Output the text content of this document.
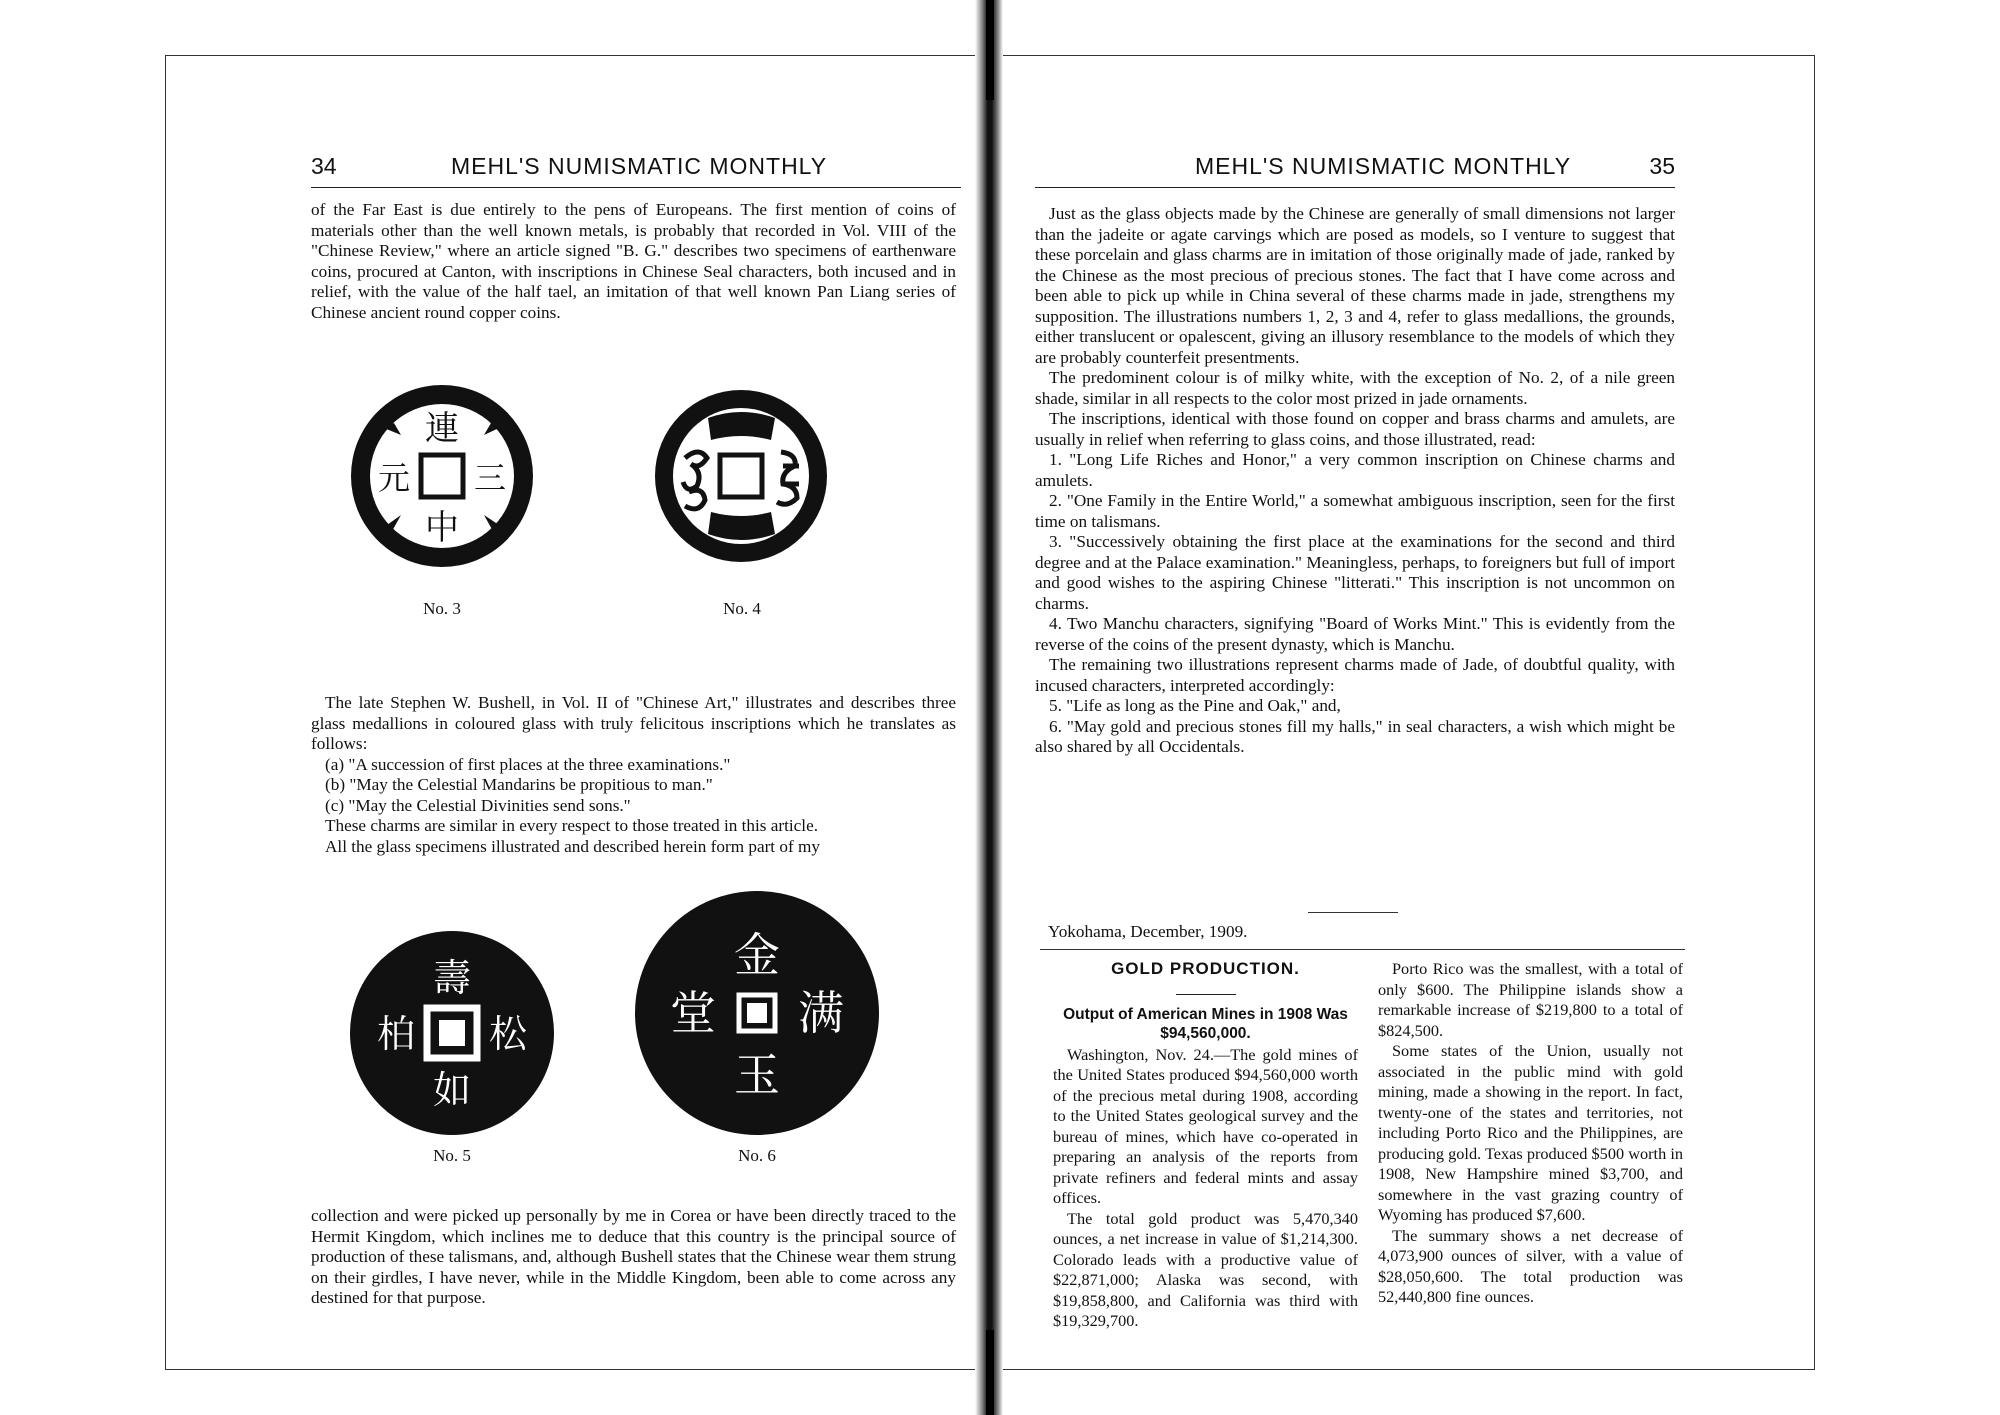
34	MEHL'S NUMISMATIC MONTHLY

of the Far East is due entirely to the pens of Europeans. The first mention of coins of materials other than the well known metals, is probably that recorded in Vol. VIII of the "Chinese Review," where an article signed "B. G." describes two specimens of earthenware coins, procured at Canton, with inscriptions in Chinese Seal characters, both incused and in relief, with the value of the half tael, an imitation of that well known Pan Liang series of Chinese ancient round copper coins.

連
三
中
元
No. 3	No. 4

The late Stephen W. Bushell, in Vol. II of "Chinese Art," illustrates and describes three glass medallions in coloured glass with truly felicitous inscriptions which he translates as follows:

(a) "A succession of first places at the three examinations."

(b) "May the Celestial Mandarins be propitious to man."

(c) "May the Celestial Divinities send sons."

These charms are similar in every respect to those treated in this article.

All the glass specimens illustrated and described herein form part of my

壽
松
如
柏
No. 5
金
满
玉
堂
No. 6

collection and were picked up personally by me in Corea or have been directly traced to the Hermit Kingdom, which inclines me to deduce that this country is the principal source of production of these talismans, and, although Bushell states that the Chinese wear them strung on their girdles, I have never, while in the Middle Kingdom, been able to come across any destined for that purpose.

MEHL'S NUMISMATIC MONTHLY	35

Just as the glass objects made by the Chinese are generally of small dimensions not larger than the jadeite or agate carvings which are posed as models, so I venture to suggest that these porcelain and glass charms are in imitation of those originally made of jade, ranked by the Chinese as the most precious of precious stones. The fact that I have come across and been able to pick up while in China several of these charms made in jade, strengthens my supposition. The illustrations numbers 1, 2, 3 and 4, refer to glass medallions, the grounds, either translucent or opalescent, giving an illusory resemblance to the models of which they are probably counterfeit presentments.

The predominent colour is of milky white, with the exception of No. 2, of a nile green shade, similar in all respects to the color most prized in jade ornaments.

The inscriptions, identical with those found on copper and brass charms and amulets, are usually in relief when referring to glass coins, and those illustrated, read:

1. "Long Life Riches and Honor," a very common inscription on Chinese charms and amulets.

2. "One Family in the Entire World," a somewhat ambiguous inscription, seen for the first time on talismans.

3. "Successively obtaining the first place at the examinations for the second and third degree and at the Palace examination." Meaningless, perhaps, to foreigners but full of import and good wishes to the aspiring Chinese "litterati." This inscription is not uncommon on charms.

4. Two Manchu characters, signifying "Board of Works Mint." This is evidently from the reverse of the coins of the present dynasty, which is Manchu.

The remaining two illustrations represent charms made of Jade, of doubtful quality, with incused characters, interpreted accordingly:

5. "Life as long as the Pine and Oak," and,

6. "May gold and precious stones fill my halls," in seal characters, a wish which might be also shared by all Occidentals.

Yokohama, December, 1909.

GOLD PRODUCTION.

Output of American Mines in 1908 Was $94,560,000.

Washington, Nov. 24.—The gold mines of the United States produced $94,560,000 worth of the precious metal during 1908, according to the United States geological survey and the bureau of mines, which have co-operated in preparing an analysis of the reports from private refiners and federal mints and assay offices.

The total gold product was 5,470,340 ounces, a net increase in value of $1,214,300. Colorado leads with a productive value of $22,871,000; Alaska was second, with $19,858,800, and California was third with $19,329,700.

Porto Rico was the smallest, with a total of only $600. The Philippine islands show a remarkable increase of $219,800 to a total of $824,500.

Some states of the Union, usually not associated in the public mind with gold mining, made a showing in the report. In fact, twenty-one of the states and territories, not including Porto Rico and the Philippines, are producing gold. Texas produced $500 worth in 1908, New Hampshire mined $3,700, and somewhere in the vast grazing country of Wyoming has produced $7,600.

The summary shows a net decrease of 4,073,900 ounces of silver, with a value of $28,050,600. The total production was 52,440,800 fine ounces.
